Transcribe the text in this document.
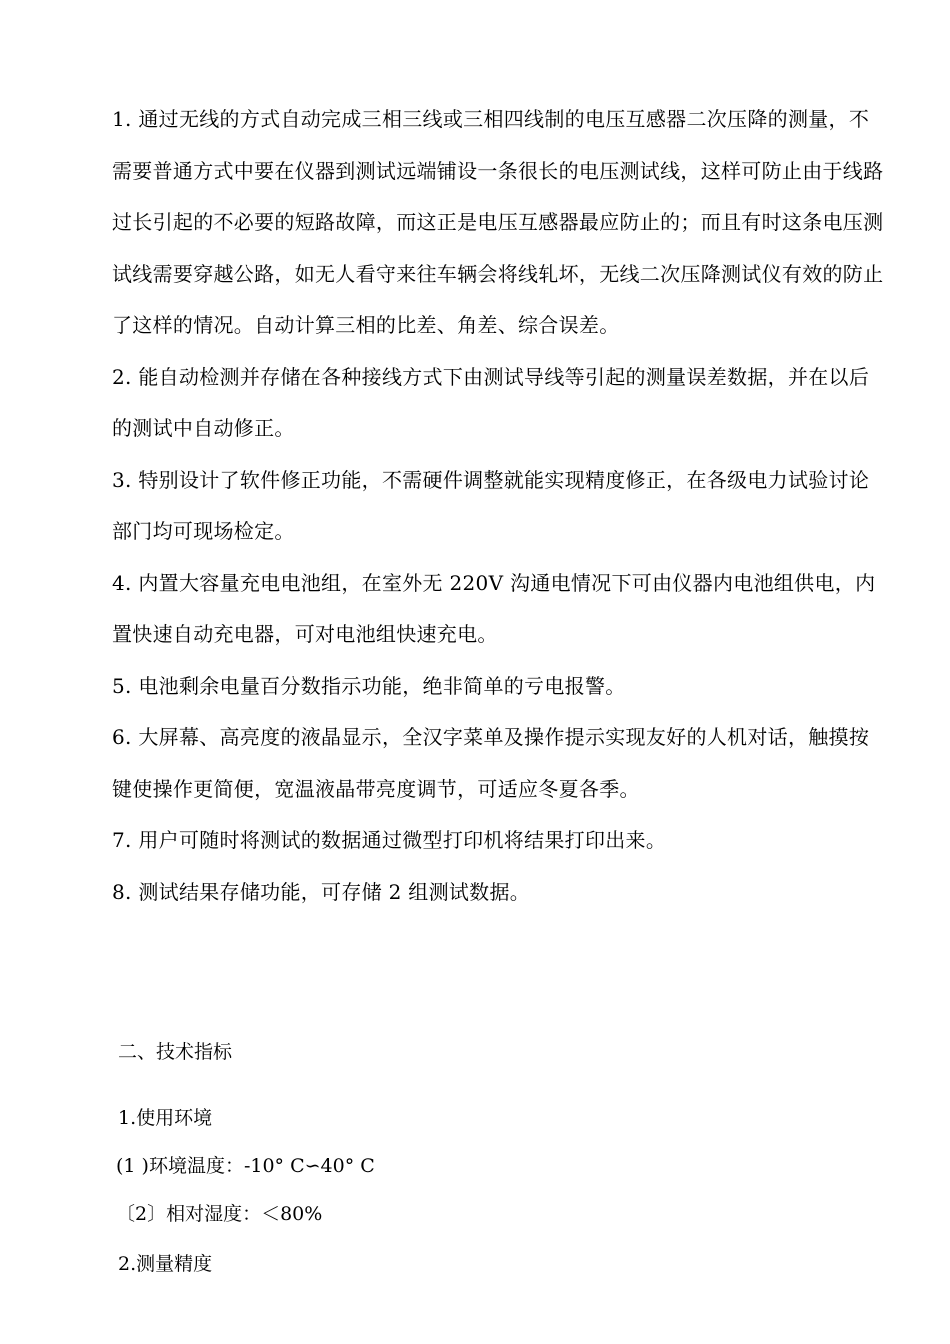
1. 通过无线的方式自动完成三相三线或三相四线制的电压互感器二次压降的测量，不需要普通方式中要在仪器到测试远端铺设一条很长的电压测试线，这样可防止由于线路过长引起的不必要的短路故障，而这正是电压互感器最应防止的；而且有时这条电压测试线需要穿越公路，如无人看守来往车辆会将线轧坏，无线二次压降测试仪有效的防止了这样的情况。自动计算三相的比差、角差、综合误差。

2. 能自动检测并存储在各种接线方式下由测试导线等引起的测量误差数据，并在以后的测试中自动修正。

3. 特别设计了软件修正功能，不需硬件调整就能实现精度修正，在各级电力试验讨论部门均可现场检定。

4. 内置大容量充电电池组，在室外无 220V 沟通电情况下可由仪器内电池组供电，内置快速自动充电器，可对电池组快速充电。

5. 电池剩余电量百分数指示功能，绝非简单的亏电报警。

6. 大屏幕、高亮度的液晶显示，全汉字菜单及操作提示实现友好的人机对话，触摸按键使操作更简便，宽温液晶带亮度调节，可适应冬夏各季。

7. 用户可随时将测试的数据通过微型打印机将结果打印出来。

8. 测试结果存储功能，可存储 2 组测试数据。

二、技术指标
1.使用环境
(1 )环境温度：-10° C∽40° C
〔2〕相对湿度：＜80%
2.测量精度
